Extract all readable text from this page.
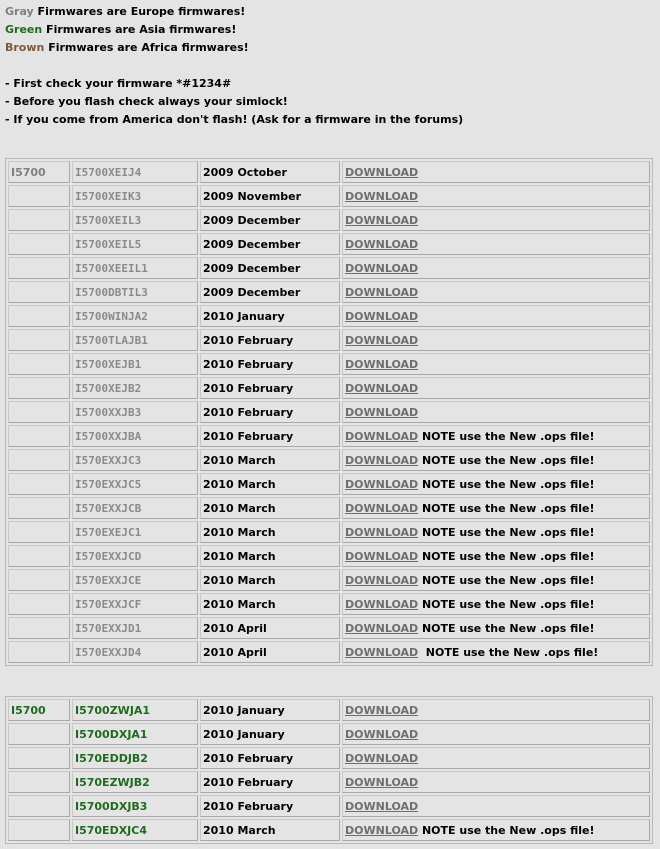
Gray Firmwares are Europe firmwares!
Green Firmwares are Asia firmwares!
Brown Firmwares are Africa firmwares!
- First check your firmware *#1234#
- Before you flash check always your simlock!
- If you come from America don't flash! (Ask for a firmware in the forums)
I5700	I5700XEIJ4	2009 October	DOWNLOAD
	I5700XEIK3	2009 November	DOWNLOAD
	I5700XEIL3	2009 December	DOWNLOAD
	I5700XEIL5	2009 December	DOWNLOAD
	I5700XEEIL1	2009 December	DOWNLOAD
	I5700DBTIL3	2009 December	DOWNLOAD
	I5700WINJA2	2010 January	DOWNLOAD
	I5700TLAJB1	2010 February	DOWNLOAD
	I5700XEJB1	2010 February	DOWNLOAD
	I5700XEJB2	2010 February	DOWNLOAD
	I5700XXJB3	2010 February	DOWNLOAD
	I5700XXJBA	2010 February	DOWNLOAD NOTE use the New .ops file!
	I570EXXJC3	2010 March	DOWNLOAD NOTE use the New .ops file!
	I570EXXJC5	2010 March	DOWNLOAD NOTE use the New .ops file!
	I570EXXJCB	2010 March	DOWNLOAD NOTE use the New .ops file!
	I570EXEJC1	2010 March	DOWNLOAD NOTE use the New .ops file!
	I570EXXJCD	2010 March	DOWNLOAD NOTE use the New .ops file!
	I570EXXJCE	2010 March	DOWNLOAD NOTE use the New .ops file!
	I570EXXJCF	2010 March	DOWNLOAD NOTE use the New .ops file!
	I570EXXJD1	2010 April	DOWNLOAD NOTE use the New .ops file!
	I570EXXJD4	2010 April	DOWNLOAD  NOTE use the New .ops file!
I5700	I5700ZWJA1	2010 January	DOWNLOAD
	I5700DXJA1	2010 January	DOWNLOAD
	I570EDDJB2	2010 February	DOWNLOAD
	I570EZWJB2	2010 February	DOWNLOAD
	I5700DXJB3	2010 February	DOWNLOAD
	I570EDXJC4	2010 March	DOWNLOAD NOTE use the New .ops file!
